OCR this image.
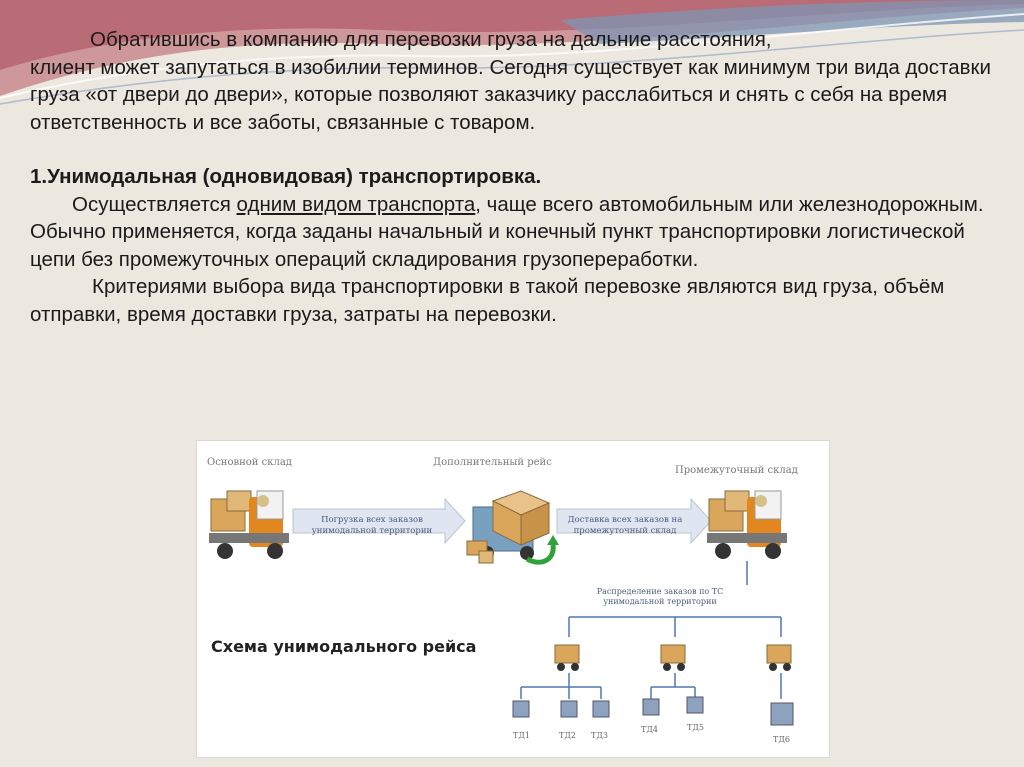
Обратившись в компанию для перевозки груза на дальние расстояния,
клиент может запутаться в изобилии терминов. Сегодня существует как минимум три вида доставки груза «от двери до двери», которые позволяют заказчику расслабиться и снять с себя на время ответственность и все заботы, связанные с товаром.

1.Унимодальная (одновидовая) транспортировка.

Осуществляется одним видом транспорта, чаще всего автомобильным или железнодорожным. Обычно применяется, когда заданы начальный и конечный пункт транспортировки логистической цепи без промежуточных операций складирования грузопереработки.

Критериями выбора вида транспортировки в такой перевозке являются вид груза, объём отправки, время доставки груза, затраты на перевозки.

Основной склад	Дополнительный рейс
Промежуточный склад
Погрузка всех заказов унимодальной территории
Доставка всех заказов на промежуточный склад
Распределение заказов по ТС унимодальной территории
Схема унимодального рейса
ТД1	ТД2 ТД3
ТД4	ТД5
ТД6
